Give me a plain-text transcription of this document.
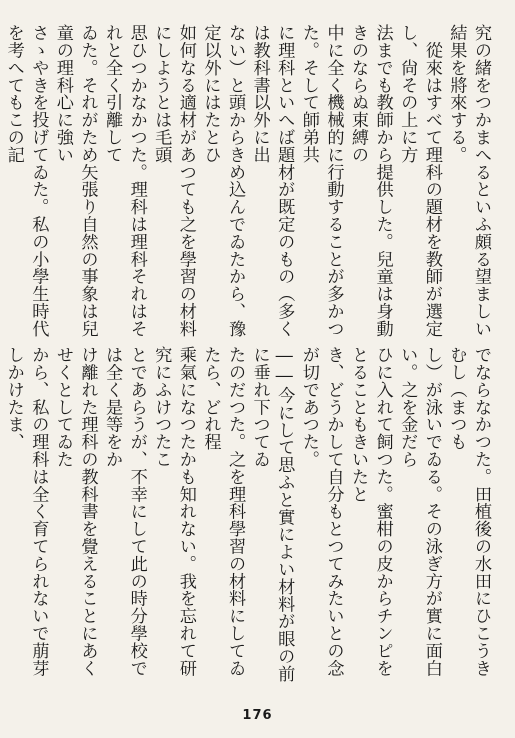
究の緒をつかまへるといふ頗る望ましい結果を將來する。
　從來はすべて理科の題材を教師が選定し、尙その上に方
法までも教師から提供した。兒童は身動きのならぬ束縛の
中に全く機械的に行動することが多かつた。そして師弟共
に理科といへば題材が既定のもの（多くは教科書以外に出
ない）と頭からきめ込んでゐたから、豫定以外にはたとひ
如何なる適材があつても之を學習の材料にしようとは毛頭
思ひつかなかつた。理科は理科それはそれと全く引離して
ゐた。それがため矢張り自然の事象は兒童の理科心に強い
さゝやきを投げてゐた。私の小學生時代を考へてもこの記
でならなかつた。田植後の水田にひこうきむし（まつも
し）が泳いでゐる。その泳ぎ方が實に面白い。之を金だら
ひに入れて飼つた。蜜柑の皮からチンピをとることもきいたと
き、どうかして自分もとつてみたいとの念が切であつた。
――今にして思ふと實によい材料が眼の前に垂れ下つてゐ
たのだつた。之を理科學習の材料にしてゐたら、どれ程
乘氣になつたかも知れない。我を忘れて研究にふけつたこ
とであらうが、不幸にして此の時分學校では全く是等をか
け離れた理科の教科書を覺えることにあくせくとしてゐた
から、私の理科は全く育てられないで萠芽しかけたま、
176
